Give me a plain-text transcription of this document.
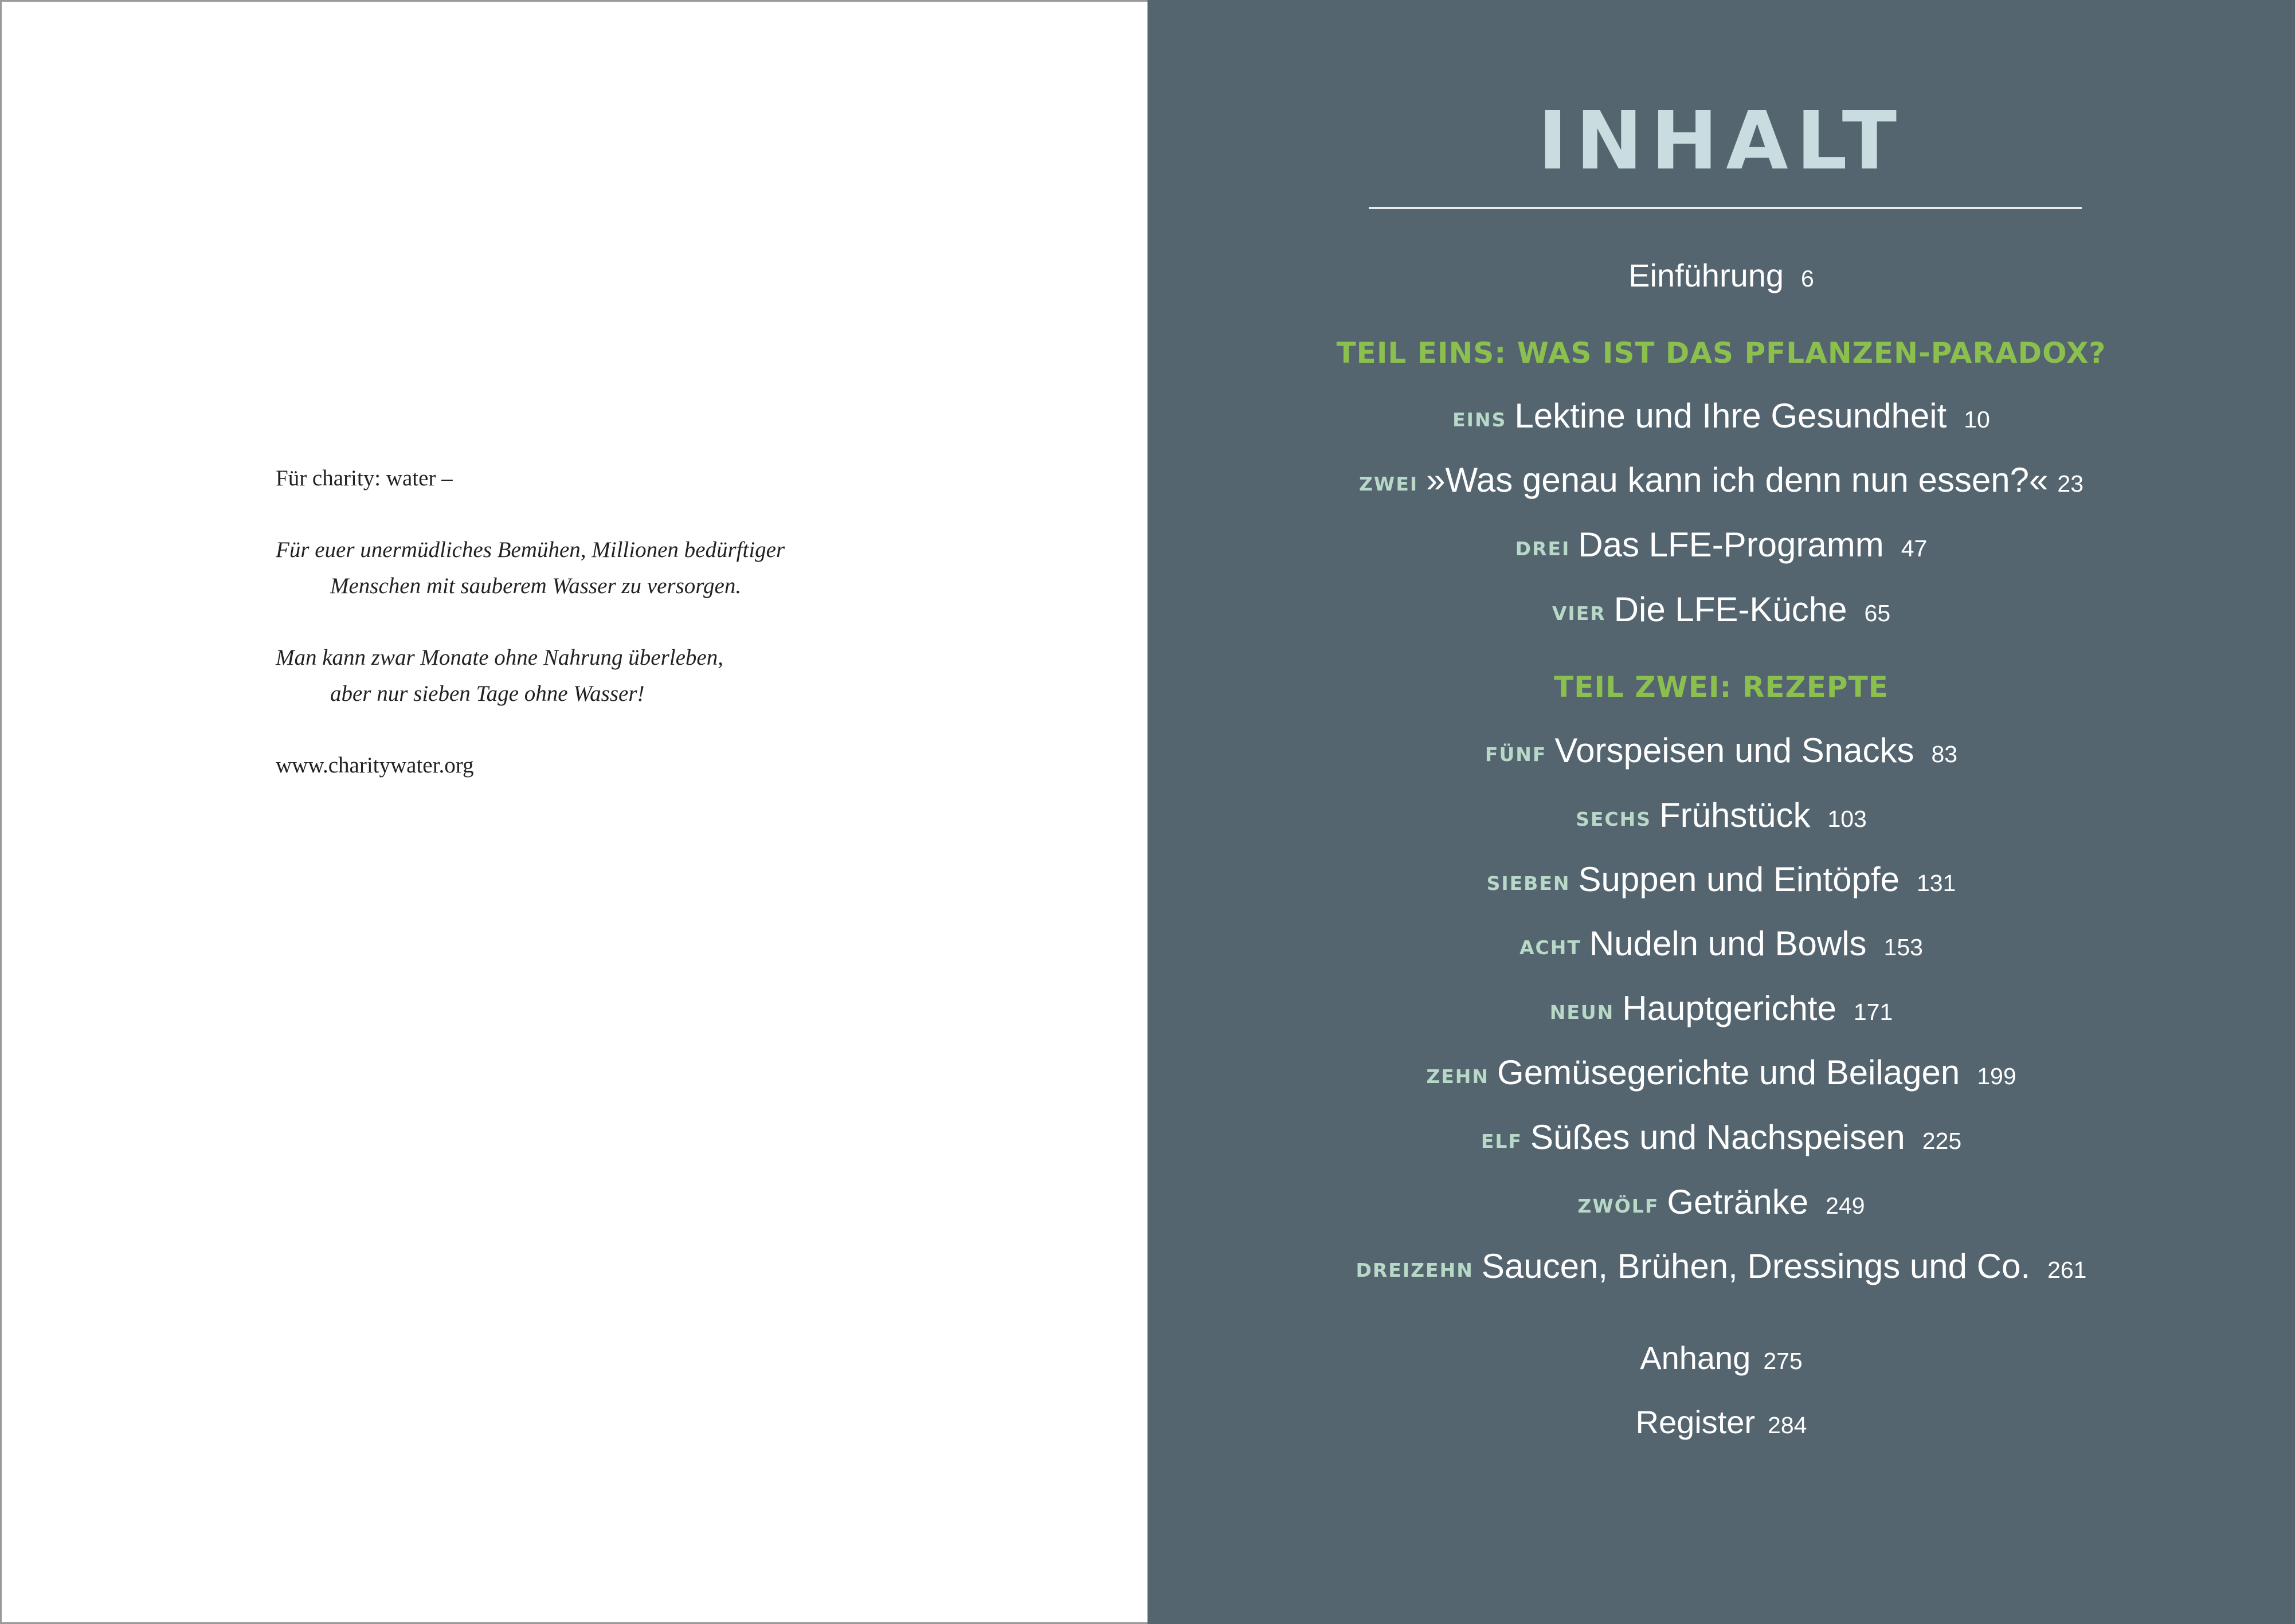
Für charity: water –
Für euer unermüdliches Bemühen, Millionen bedürftiger
Menschen mit sauberem Wasser zu versorgen.
Man kann zwar Monate ohne Nahrung überleben,
aber nur sieben Tage ohne Wasser!
www.charitywater.org
INHALT
Einführung 6
TEIL EINS: WAS IST DAS PFLANZEN-PARADOX?
EINS Lektine und Ihre Gesundheit 10
ZWEI »Was genau kann ich denn nun essen?« 23
DREI Das LFE-Programm 47
VIER Die LFE-Küche 65
TEIL ZWEI: REZEPTE
FÜNF Vorspeisen und Snacks 83
SECHS Frühstück 103
SIEBEN Suppen und Eintöpfe 131
ACHT Nudeln und Bowls 153
NEUN Hauptgerichte 171
ZEHN Gemüsegerichte und Beilagen 199
ELF Süßes und Nachspeisen 225
ZWÖLF Getränke 249
DREIZEHN Saucen, Brühen, Dressings und Co. 261
Anhang 275
Register 284
